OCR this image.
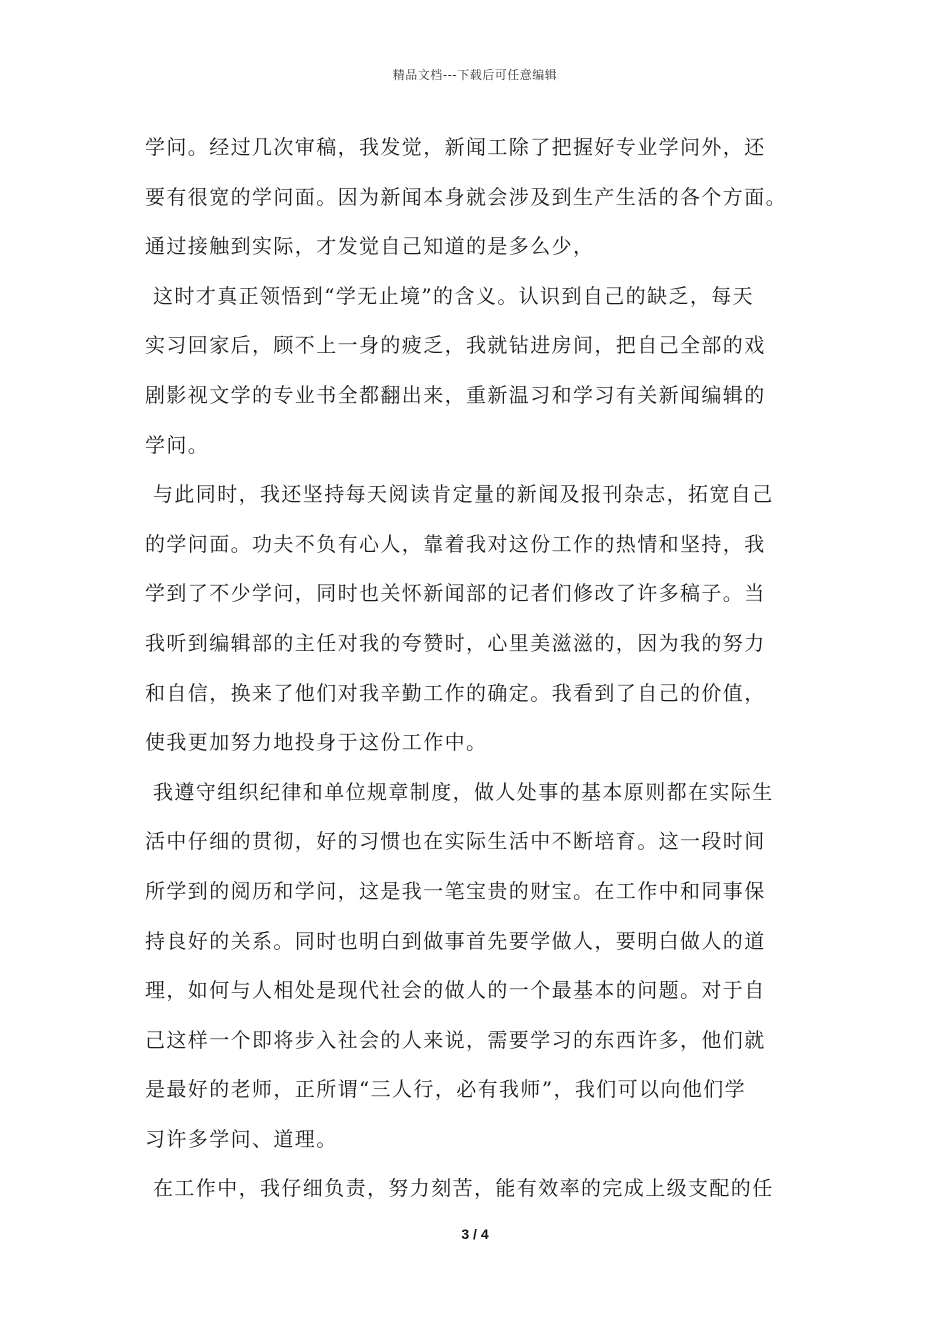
精品文档---下载后可任意编辑
学问。经过几次审稿，我发觉，新闻工除了把握好专业学问外，还
要有很宽的学问面。因为新闻本身就会涉及到生产生活的各个方面。
通过接触到实际，才发觉自己知道的是多么少，
这时才真正领悟到“学无止境”的含义。认识到自己的缺乏，每天
实习回家后，顾不上一身的疲乏，我就钻进房间，把自己全部的戏
剧影视文学的专业书全都翻出来，重新温习和学习有关新闻编辑的
学问。
与此同时，我还坚持每天阅读肯定量的新闻及报刊杂志，拓宽自己
的学问面。功夫不负有心人，靠着我对这份工作的热情和坚持，我
学到了不少学问，同时也关怀新闻部的记者们修改了许多稿子。当
我听到编辑部的主任对我的夸赞时，心里美滋滋的，因为我的努力
和自信，换来了他们对我辛勤工作的确定。我看到了自己的价值，
使我更加努力地投身于这份工作中。
我遵守组织纪律和单位规章制度，做人处事的基本原则都在实际生
活中仔细的贯彻，好的习惯也在实际生活中不断培育。这一段时间
所学到的阅历和学问，这是我一笔宝贵的财宝。在工作中和同事保
持良好的关系。同时也明白到做事首先要学做人，要明白做人的道
理，如何与人相处是现代社会的做人的一个最基本的问题。对于自
己这样一个即将步入社会的人来说，需要学习的东西许多，他们就
是最好的老师，正所谓“三人行，必有我师”，我们可以向他们学
习许多学问、道理。
在工作中，我仔细负责，努力刻苦，能有效率的完成上级支配的任
3 / 4
